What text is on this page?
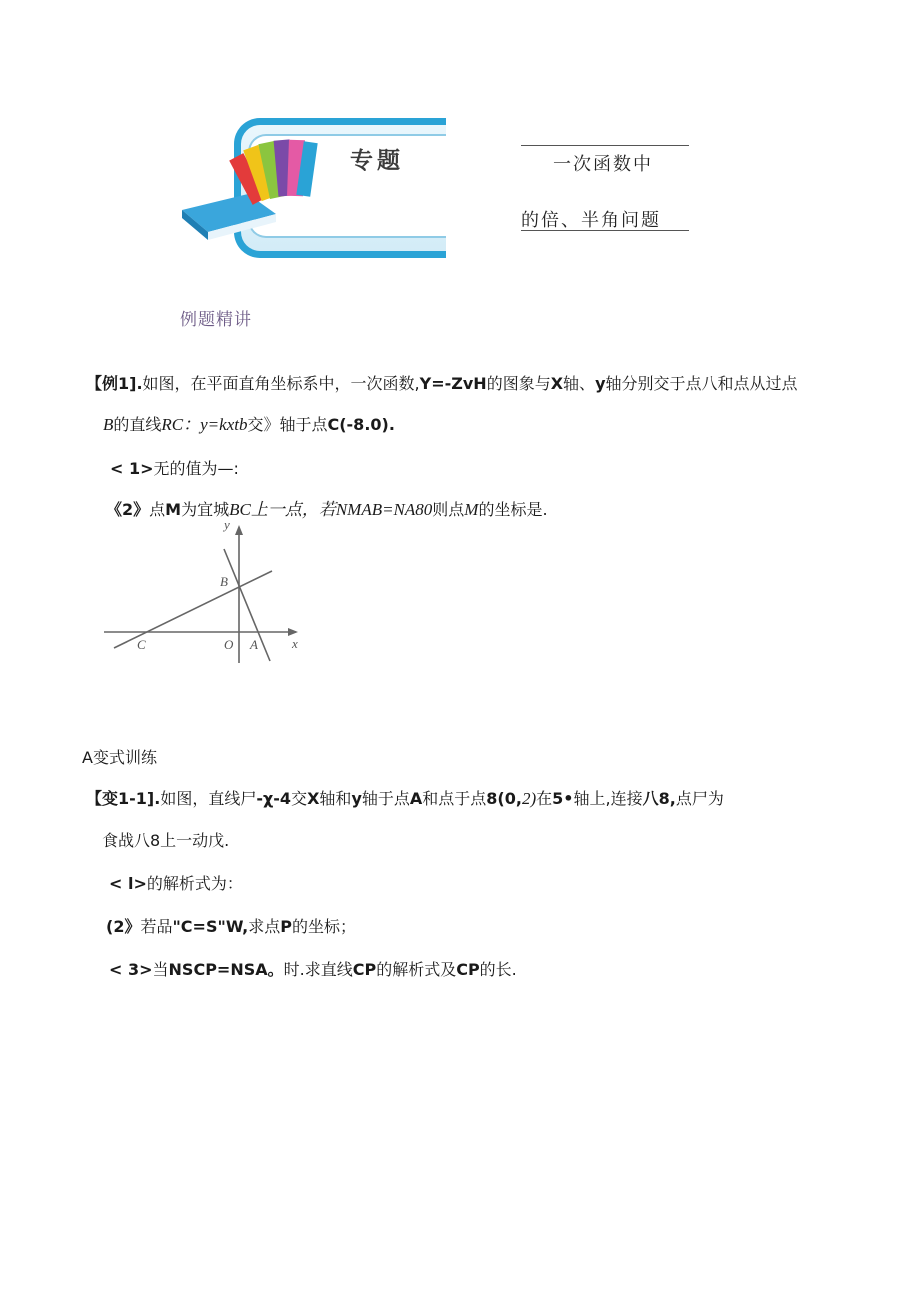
专题	一次函数中
的倍、半角问题
例题精讲
【例1].如图，在平面直角坐标系中，一次函数,Y=-ZvH的图象与X轴、y轴分别交于点八和点从过点
B的直线RC：y=kxtb交》轴于点C(-8.0).
< 1>无的值为—:
《2》点M为宜城BC上一点，若NMAB=NA80则点M的坐标是.
y
x
B
C	O A
A变式训练
【变1-1].如图，直线尸-χ-4交X轴和y轴于点A和点于点8(0,2)在5•轴上,连接八8,点尸为
食战八8上一动戊.
< l>的解析式为：
(2》若品"C=S"W,求点P的坐标；
< 3>当NSCP=NSA。时.求直线CP的解析式及CP的长.
